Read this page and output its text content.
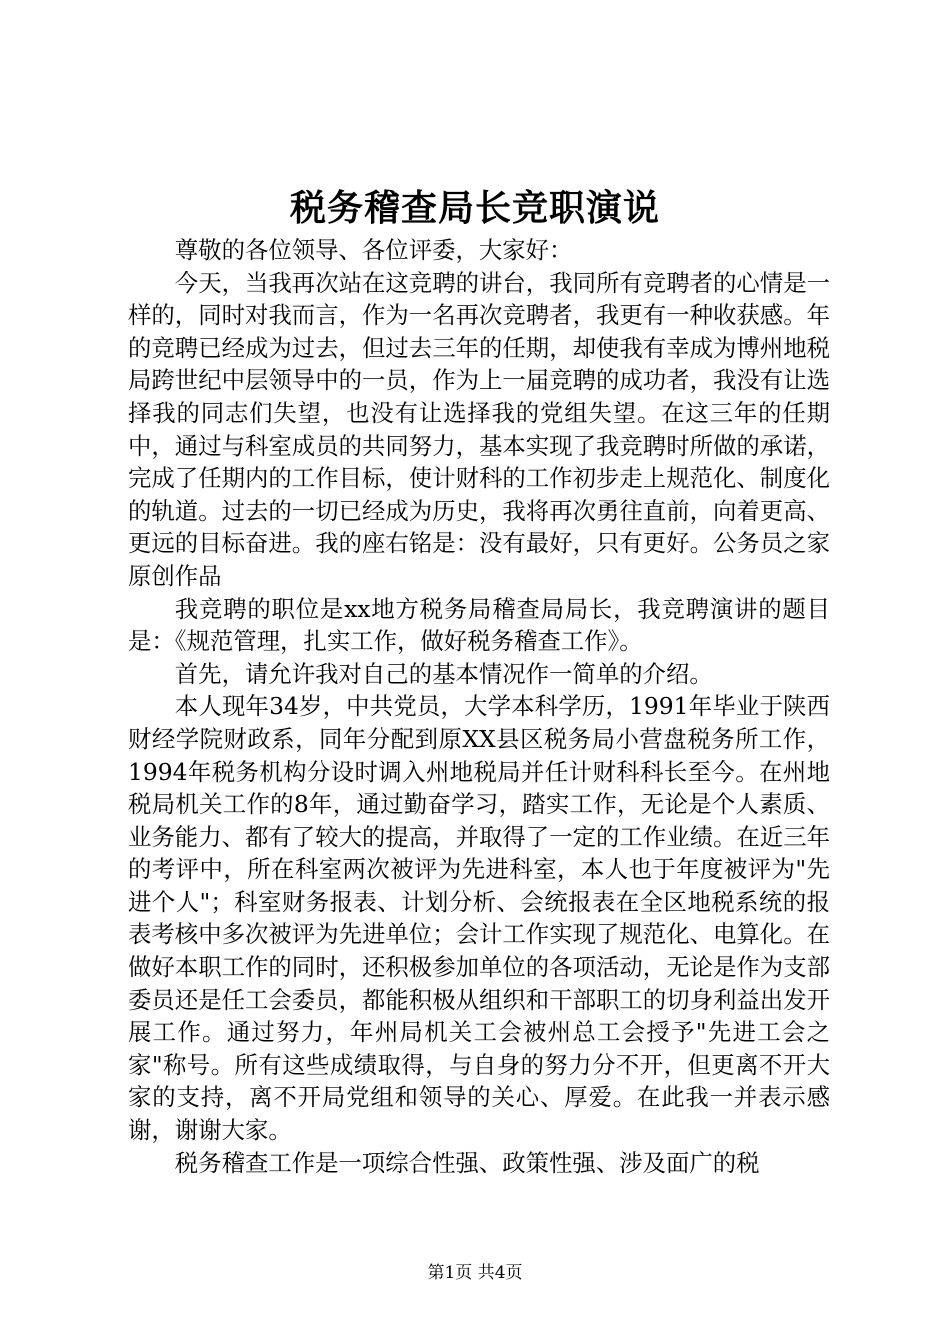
税务稽查局长竞职演说

尊敬的各位领导、各位评委，大家好：

今天，当我再次站在这竞聘的讲台，我同所有竞聘者的心情是一样的，同时对我而言，作为一名再次竞聘者，我更有一种收获感。年的竞聘已经成为过去，但过去三年的任期，却使我有幸成为博州地税局跨世纪中层领导中的一员，作为上一届竞聘的成功者，我没有让选择我的同志们失望，也没有让选择我的党组失望。在这三年的任期中，通过与科室成员的共同努力，基本实现了我竞聘时所做的承诺，完成了任期内的工作目标，使计财科的工作初步走上规范化、制度化的轨道。过去的一切已经成为历史，我将再次勇往直前，向着更高、更远的目标奋进。我的座右铭是：没有最好，只有更好。公务员之家原创作品

我竞聘的职位是xx地方税务局稽查局局长，我竞聘演讲的题目是：《规范管理，扎实工作，做好税务稽查工作》。

首先，请允许我对自己的基本情况作一简单的介绍。

本人现年34岁，中共党员，大学本科学历，1991年毕业于陕西财经学院财政系，同年分配到原XX县区税务局小营盘税务所工作，1994年税务机构分设时调入州地税局并任计财科科长至今。在州地税局机关工作的8年，通过勤奋学习，踏实工作，无论是个人素质、业务能力、都有了较大的提高，并取得了一定的工作业绩。在近三年的考评中，所在科室两次被评为先进科室，本人也于年度被评为"先进个人"；科室财务报表、计划分析、会统报表在全区地税系统的报表考核中多次被评为先进单位；会计工作实现了规范化、电算化。在做好本职工作的同时，还积极参加单位的各项活动，无论是作为支部委员还是任工会委员，都能积极从组织和干部职工的切身利益出发开展工作。通过努力，年州局机关工会被州总工会授予"先进工会之家"称号。所有这些成绩取得，与自身的努力分不开，但更离不开大家的支持，离不开局党组和领导的关心、厚爱。在此我一并表示感谢，谢谢大家。

税务稽查工作是一项综合性强、政策性强、涉及面广的税

第1页 共4页
